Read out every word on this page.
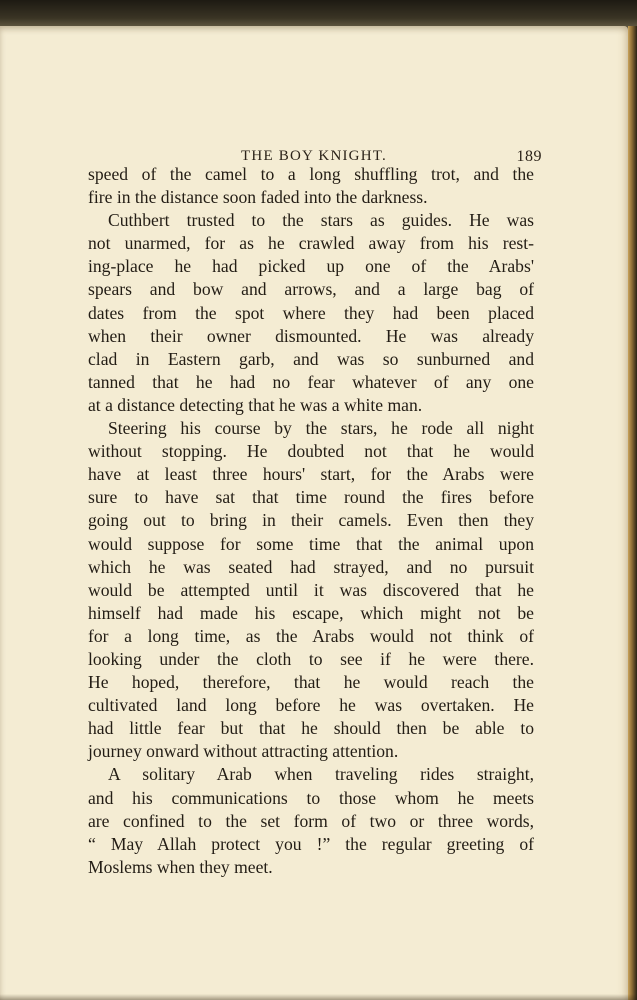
THE BOY KNIGHT.	189
speed of the camel to a long shuffling trot, and the
fire in the distance soon faded into the darkness.
Cuthbert trusted to the stars as guides. He was
not unarmed, for as he crawled away from his rest-
ing-place he had picked up one of the Arabs'
spears and bow and arrows, and a large bag of
dates from the spot where they had been placed
when their owner dismounted. He was already
clad in Eastern garb, and was so sunburned and
tanned that he had no fear whatever of any one
at a distance detecting that he was a white man.
Steering his course by the stars, he rode all night
without stopping. He doubted not that he would
have at least three hours' start, for the Arabs were
sure to have sat that time round the fires before
going out to bring in their camels. Even then they
would suppose for some time that the animal upon
which he was seated had strayed, and no pursuit
would be attempted until it was discovered that he
himself had made his escape, which might not be
for a long time, as the Arabs would not think of
looking under the cloth to see if he were there.
He hoped, therefore, that he would reach the
cultivated land long before he was overtaken. He
had little fear but that he should then be able to
journey onward without attracting attention.
A solitary Arab when traveling rides straight,
and his communications to those whom he meets
are confined to the set form of two or three words,
“ May Allah protect you !” the regular greeting of
Moslems when they meet.
